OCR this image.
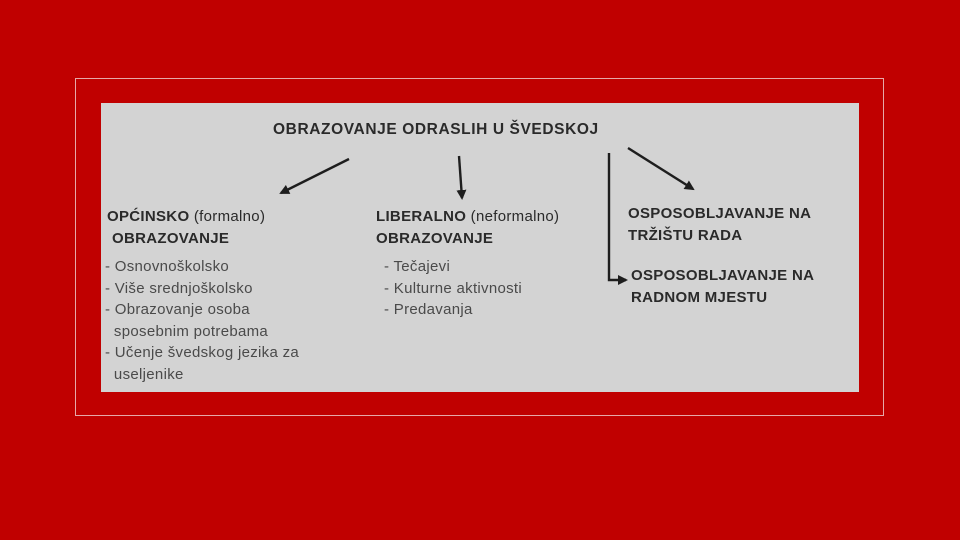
OBRAZOVANJE ODRASLIH U ŠVEDSKOJ
OPĆINSKO (formalno)
OBRAZOVANJE
- Osnovnoškolsko
- Više srednjoškolsko
- Obrazovanje osoba
sposebnim potrebama
- Učenje švedskog jezika za
useljenike
LIBERALNO (neformalno)
OBRAZOVANJE
- Tečajevi
- Kulturne aktivnosti
- Predavanja
OSPOSOBLJAVANJE NA
TRŽIŠTU RADA
OSPOSOBLJAVANJE NA
RADNOM MJESTU
